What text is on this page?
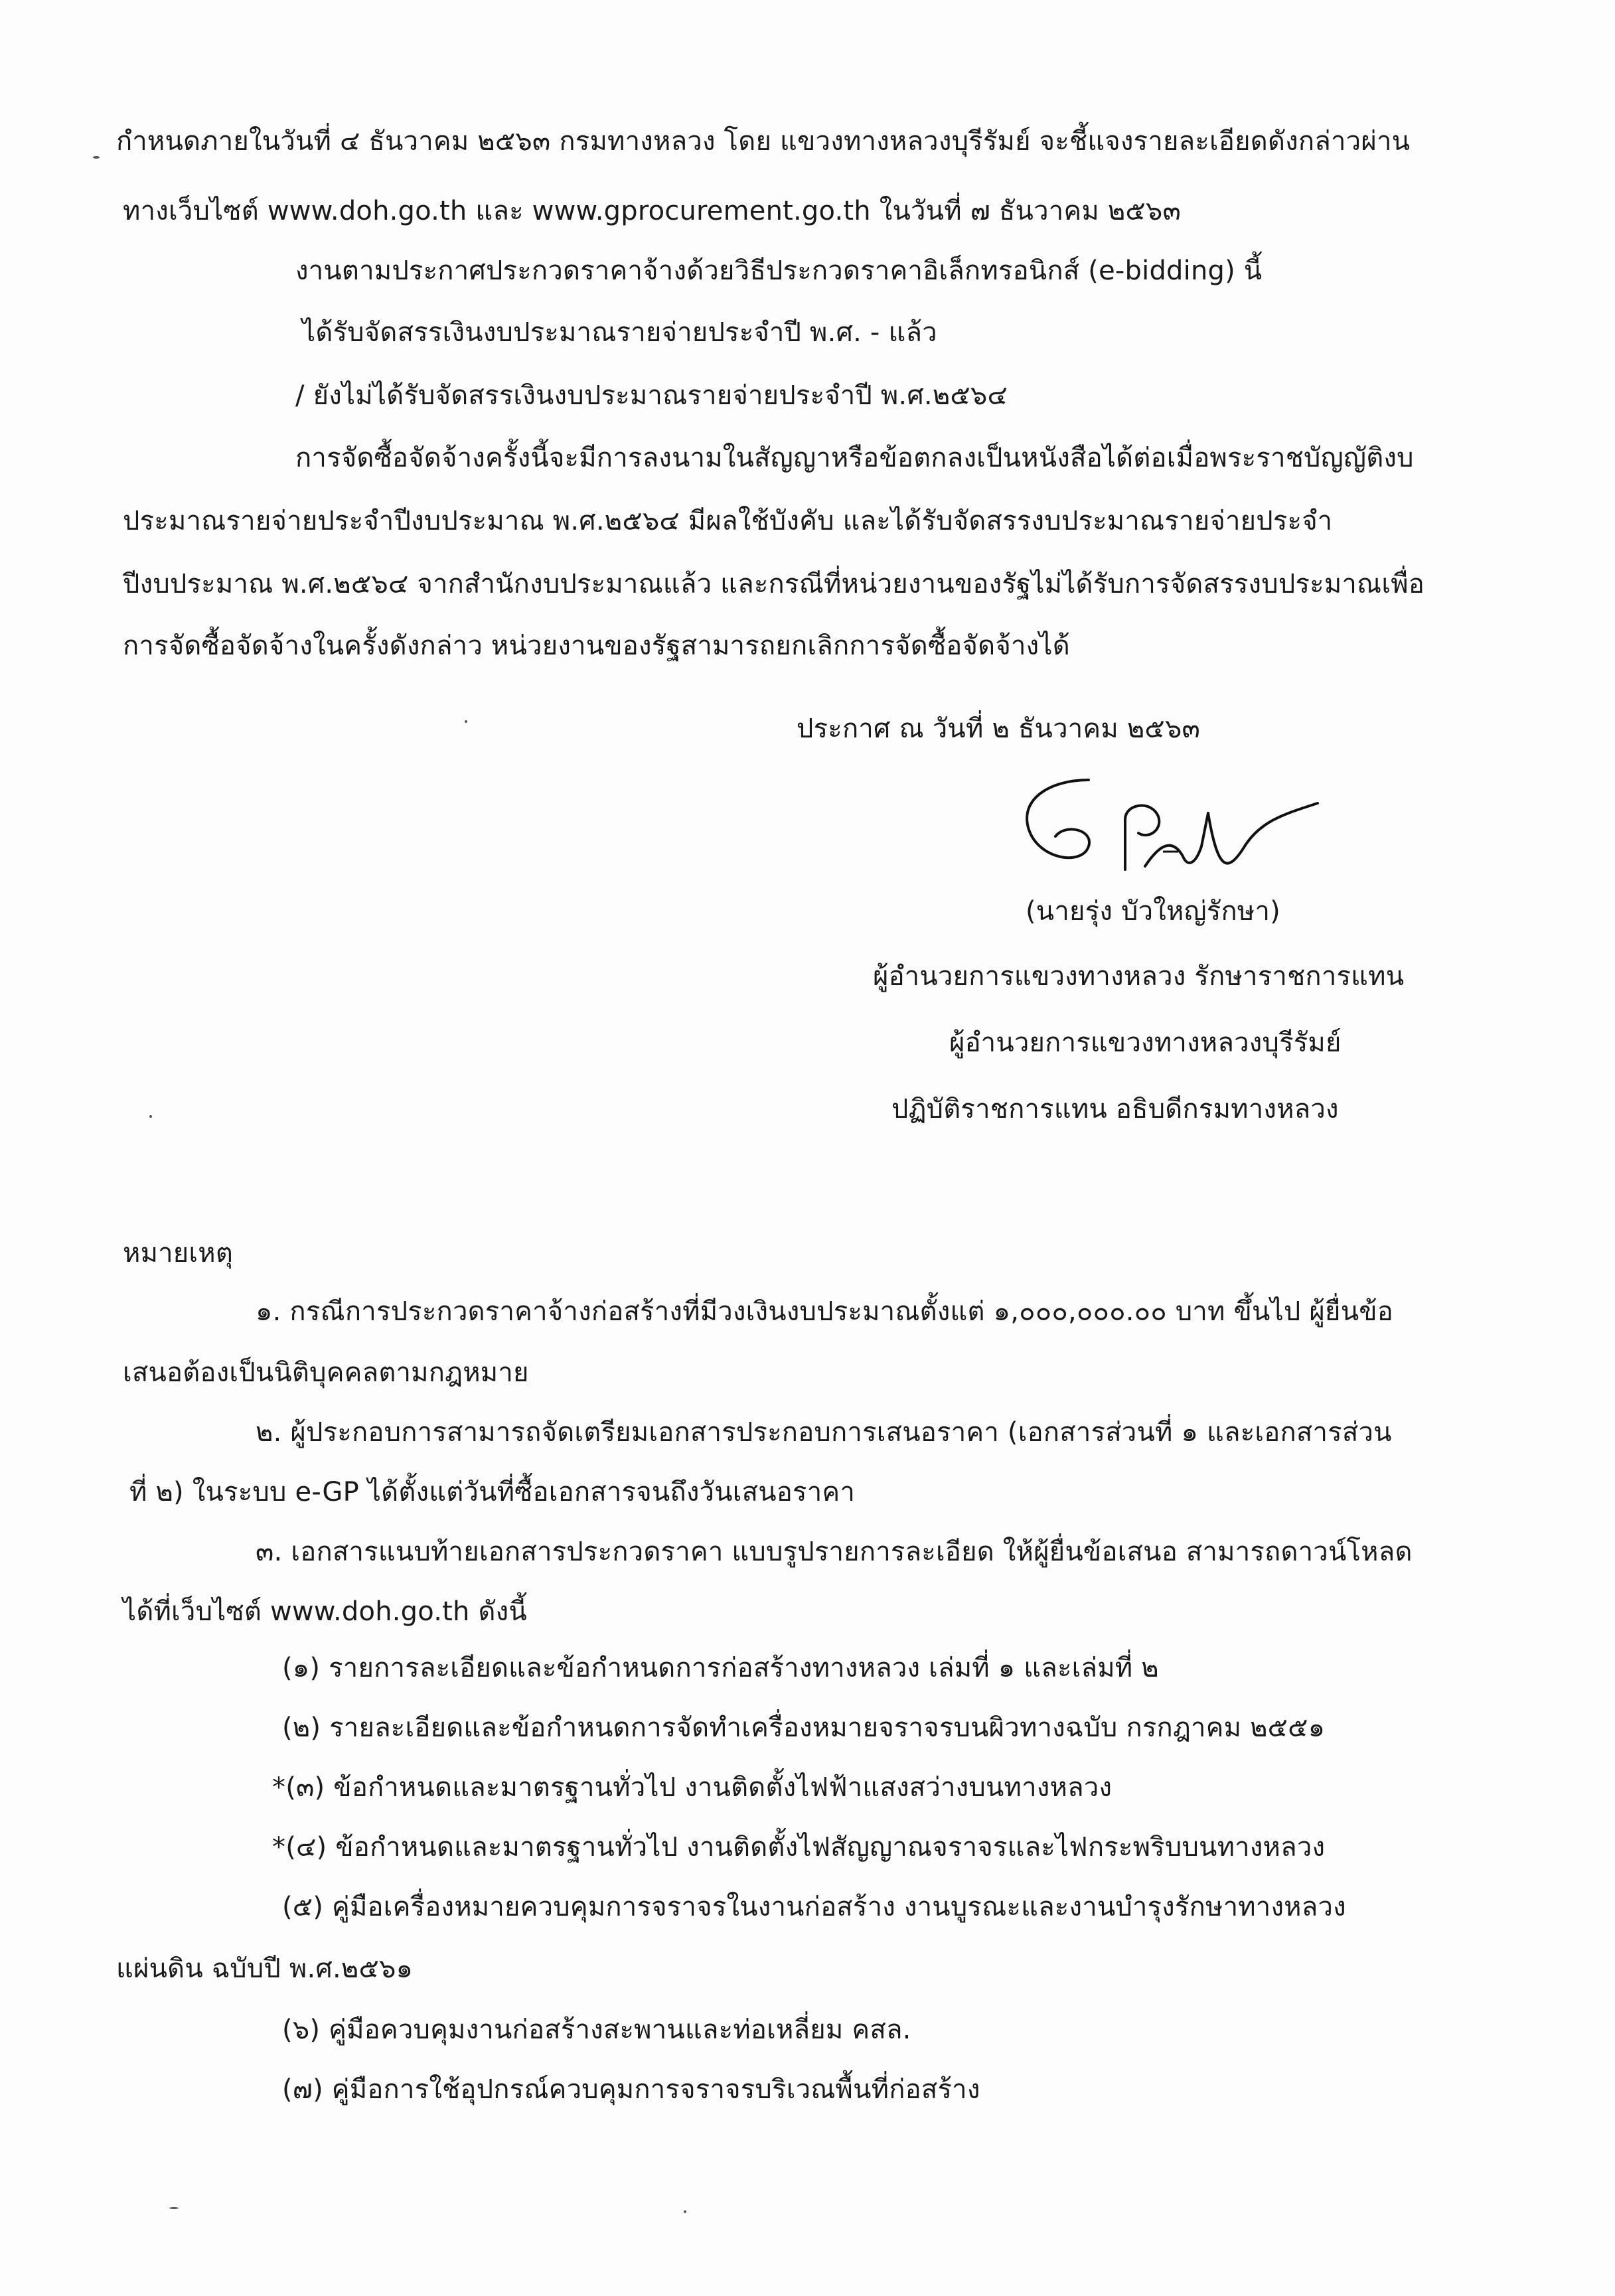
กำหนดภายในวันที่ ๔ ธันวาคม ๒๕๖๓ กรมทางหลวง โดย แขวงทางหลวงบุรีรัมย์ จะชี้แจงรายละเอียดดังกล่าวผ่าน
ทางเว็บไซต์ www.doh.go.th และ www.gprocurement.go.th ในวันที่ ๗ ธันวาคม ๒๕๖๓
งานตามประกาศประกวดราคาจ้างด้วยวิธีประกวดราคาอิเล็กทรอนิกส์ (e-bidding) นี้
ได้รับจัดสรรเงินงบประมาณรายจ่ายประจำปี พ.ศ. - แล้ว
/ ยังไม่ได้รับจัดสรรเงินงบประมาณรายจ่ายประจำปี พ.ศ.๒๕๖๔
การจัดซื้อจัดจ้างครั้งนี้จะมีการลงนามในสัญญาหรือข้อตกลงเป็นหนังสือได้ต่อเมื่อพระราชบัญญัติงบ
ประมาณรายจ่ายประจำปีงบประมาณ พ.ศ.๒๕๖๔ มีผลใช้บังคับ และได้รับจัดสรรงบประมาณรายจ่ายประจำ
ปีงบประมาณ พ.ศ.๒๕๖๔ จากสำนักงบประมาณแล้ว และกรณีที่หน่วยงานของรัฐไม่ได้รับการจัดสรรงบประมาณเพื่อ
การจัดซื้อจัดจ้างในครั้งดังกล่าว หน่วยงานของรัฐสามารถยกเลิกการจัดซื้อจัดจ้างได้
ประกาศ ณ วันที่ ๒ ธันวาคม ๒๕๖๓
(นายรุ่ง บัวใหญ่รักษา)
ผู้อำนวยการแขวงทางหลวง รักษาราชการแทน
ผู้อำนวยการแขวงทางหลวงบุรีรัมย์
ปฏิบัติราชการแทน อธิบดีกรมทางหลวง
หมายเหตุ
๑. กรณีการประกวดราคาจ้างก่อสร้างที่มีวงเงินงบประมาณตั้งแต่ ๑,๐๐๐,๐๐๐.๐๐ บาท ขึ้นไป ผู้ยื่นข้อ
เสนอต้องเป็นนิติบุคคลตามกฎหมาย
๒. ผู้ประกอบการสามารถจัดเตรียมเอกสารประกอบการเสนอราคา (เอกสารส่วนที่ ๑ และเอกสารส่วน
ที่ ๒) ในระบบ e-GP ได้ตั้งแต่วันที่ซื้อเอกสารจนถึงวันเสนอราคา
๓. เอกสารแนบท้ายเอกสารประกวดราคา แบบรูปรายการละเอียด ให้ผู้ยื่นข้อเสนอ สามารถดาวน์โหลด
ได้ที่เว็บไซต์ www.doh.go.th ดังนี้
(๑) รายการละเอียดและข้อกำหนดการก่อสร้างทางหลวง เล่มที่ ๑ และเล่มที่ ๒
(๒) รายละเอียดและข้อกำหนดการจัดทำเครื่องหมายจราจรบนผิวทางฉบับ กรกฎาคม ๒๕๕๑
*(๓) ข้อกำหนดและมาตรฐานทั่วไป งานติดตั้งไฟฟ้าแสงสว่างบนทางหลวง
*(๔) ข้อกำหนดและมาตรฐานทั่วไป งานติดตั้งไฟสัญญาณจราจรและไฟกระพริบบนทางหลวง
(๕) คู่มือเครื่องหมายควบคุมการจราจรในงานก่อสร้าง งานบูรณะและงานบำรุงรักษาทางหลวง
แผ่นดิน ฉบับปี พ.ศ.๒๕๖๑
(๖) คู่มือควบคุมงานก่อสร้างสะพานและท่อเหลี่ยม คสล.
(๗) คู่มือการใช้อุปกรณ์ควบคุมการจราจรบริเวณพื้นที่ก่อสร้าง
